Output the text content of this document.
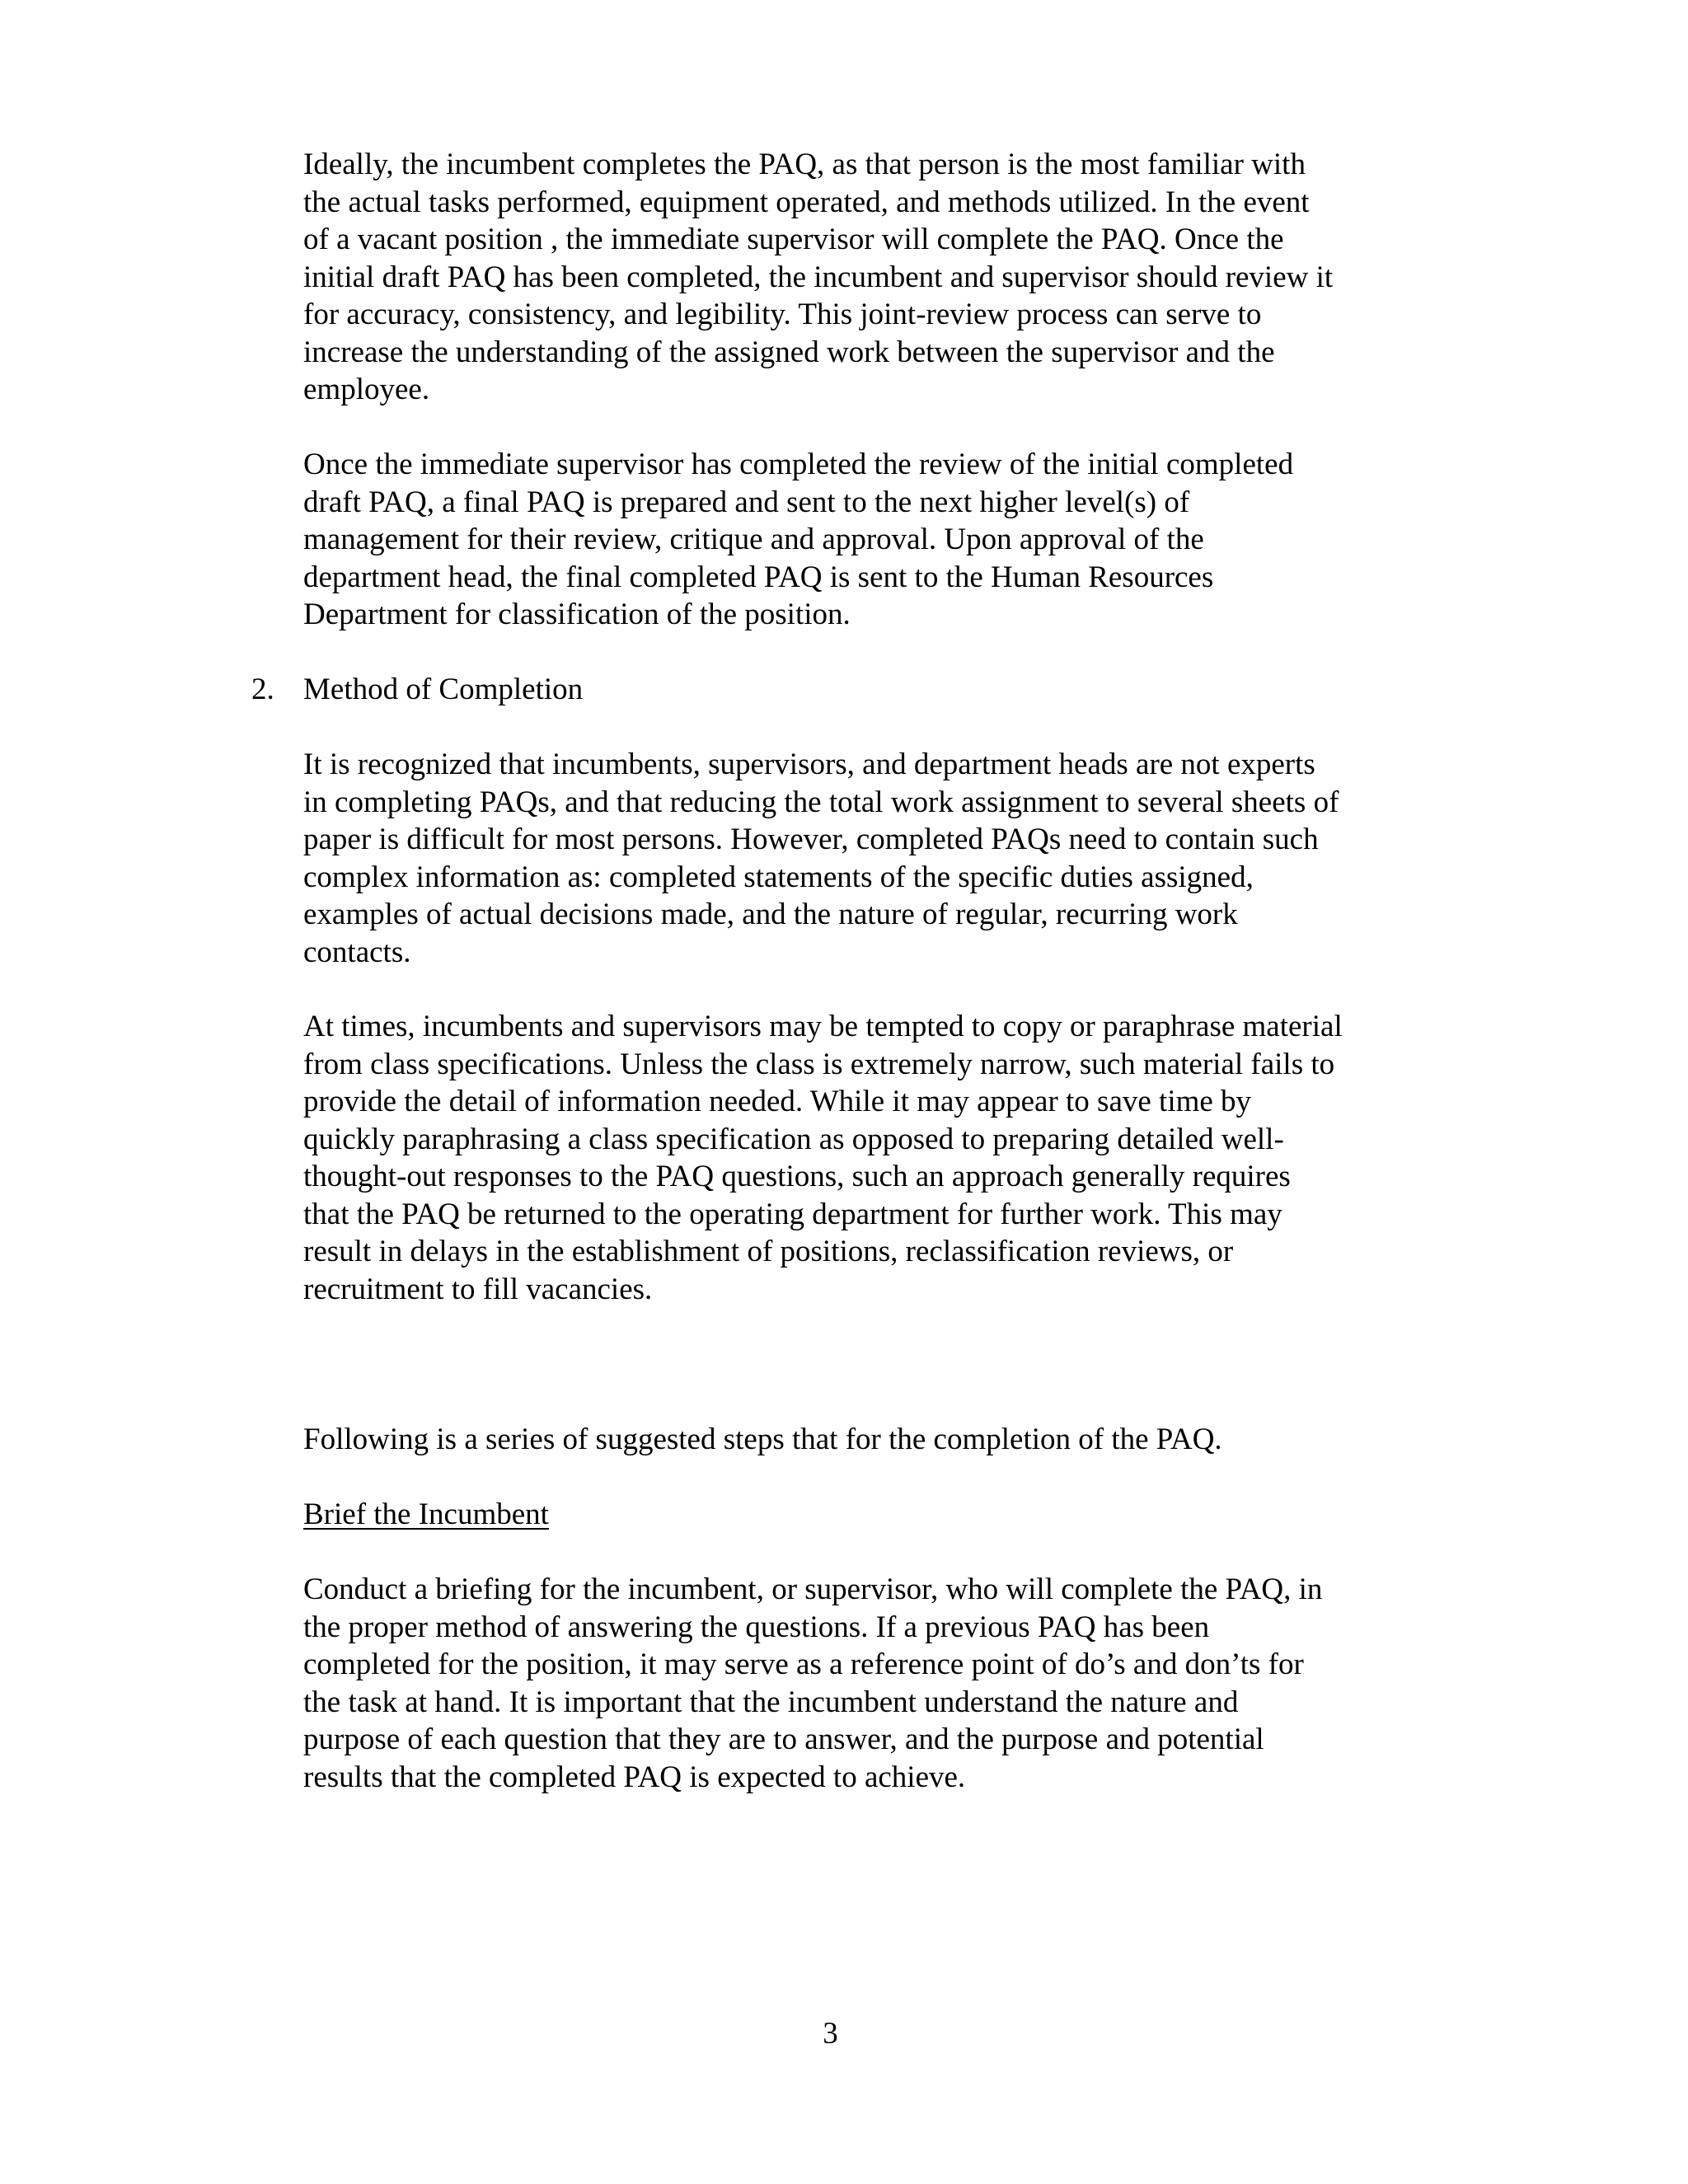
Ideally, the incumbent completes the PAQ, as that person is the most familiar with
the actual tasks performed, equipment operated, and methods utilized. In the event
of a vacant position , the immediate supervisor will complete the PAQ. Once the
initial draft PAQ has been completed, the incumbent and supervisor should review it
for accuracy, consistency, and legibility. This joint-review process can serve to
increase the understanding of the assigned work between the supervisor and the
employee.
Once the immediate supervisor has completed the review of the initial completed
draft PAQ, a final PAQ is prepared and sent to the next higher level(s) of
management for their review, critique and approval. Upon approval of the
department head, the final completed PAQ is sent to the Human Resources
Department for classification of the position.
2. Method of Completion
It is recognized that incumbents, supervisors, and department heads are not experts
in completing PAQs, and that reducing the total work assignment to several sheets of
paper is difficult for most persons. However, completed PAQs need to contain such
complex information as: completed statements of the specific duties assigned,
examples of actual decisions made, and the nature of regular, recurring work
contacts.
At times, incumbents and supervisors may be tempted to copy or paraphrase material
from class specifications. Unless the class is extremely narrow, such material fails to
provide the detail of information needed. While it may appear to save time by
quickly paraphrasing a class specification as opposed to preparing detailed well-
thought-out responses to the PAQ questions, such an approach generally requires
that the PAQ be returned to the operating department for further work. This may
result in delays in the establishment of positions, reclassification reviews, or
recruitment to fill vacancies.
Following is a series of suggested steps that for the completion of the PAQ.
Brief the Incumbent
Conduct a briefing for the incumbent, or supervisor, who will complete the PAQ, in
the proper method of answering the questions. If a previous PAQ has been
completed for the position, it may serve as a reference point of do’s and don’ts for
the task at hand. It is important that the incumbent understand the nature and
purpose of each question that they are to answer, and the purpose and potential
results that the completed PAQ is expected to achieve.
3
